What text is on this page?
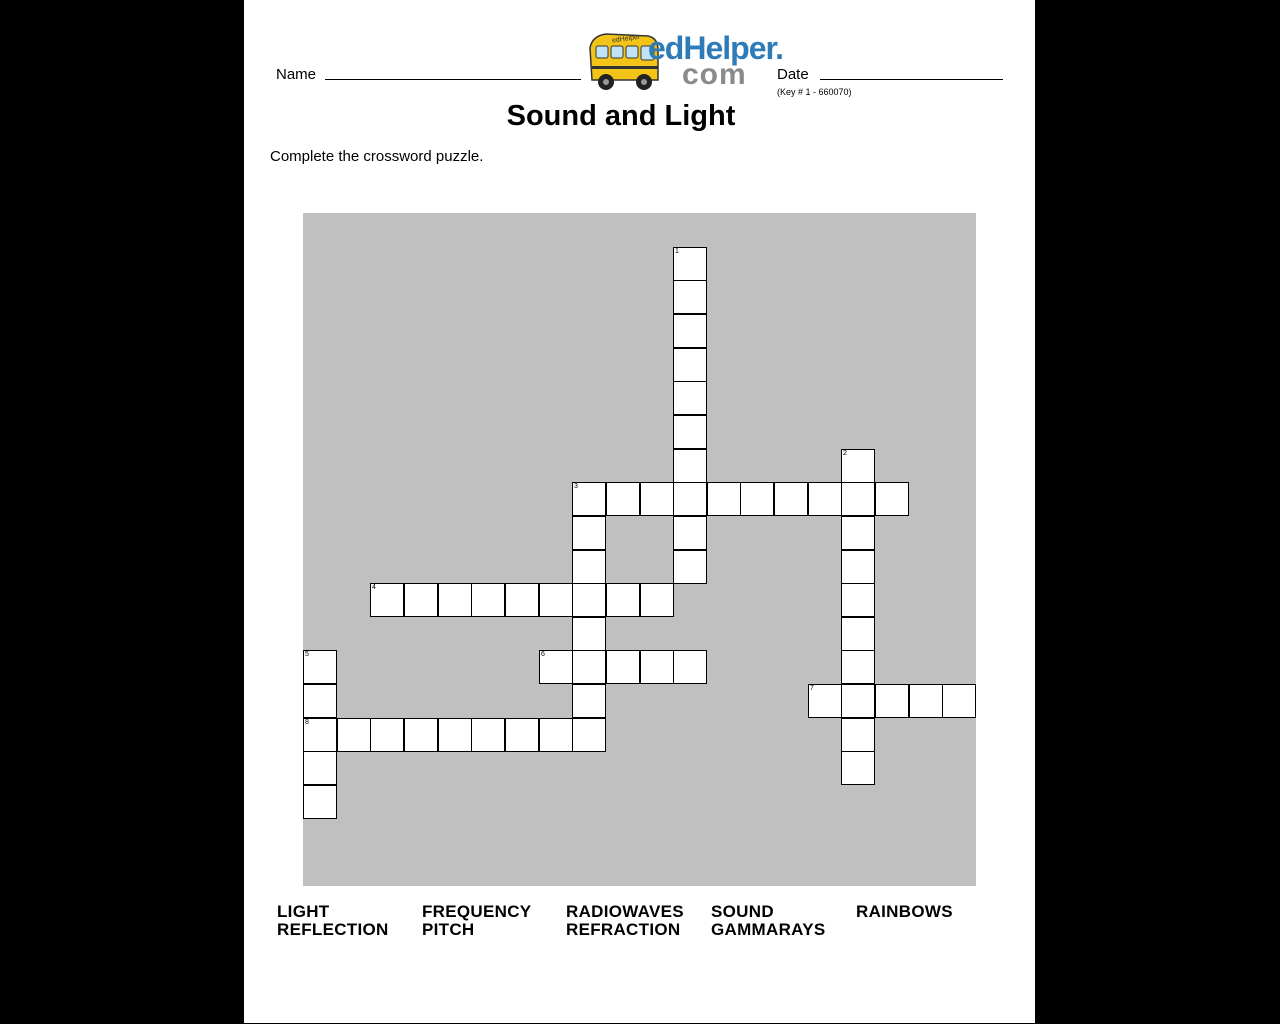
Name
edHelper edHelper.
com Date
(Key # 1 - 660070)
Sound and Light
Complete the crossword puzzle.
1
2
3
4
5
8
6
7
LIGHT	FREQUENCY RADIOWAVES SOUND	RAINBOWS
REFLECTION PITCH	REFRACTION GAMMARAYS
